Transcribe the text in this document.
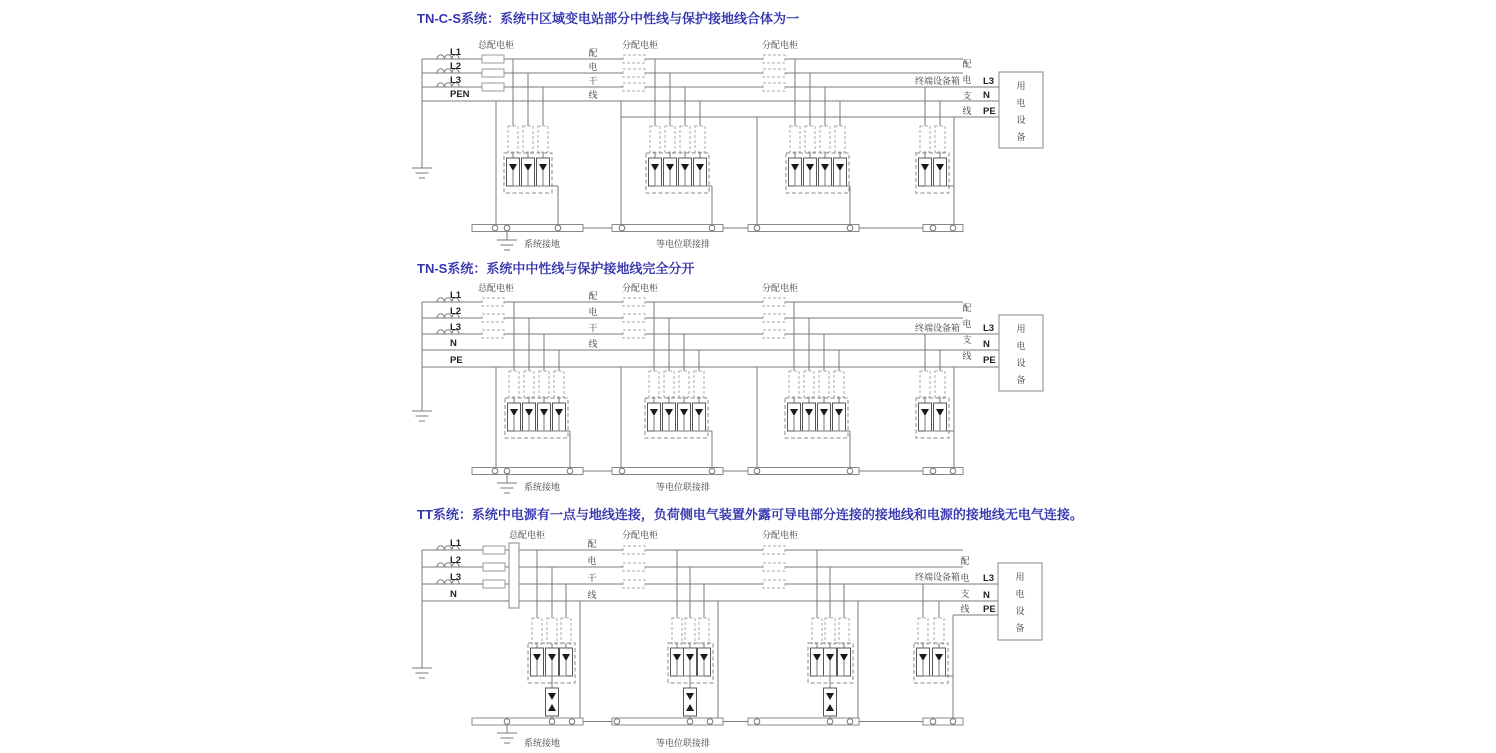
TN-C-S系统：系统中区域变电站部分中性线与保护接地线合体为一
L1
L2
L3
PEN
总配电柜
配
电
干
线
分配电柜	分配电柜
终端设备箱
配
电
支
线
L3
N
PE
用
电
设
备
系统接地	等电位联接排
TN-S系统：系统中中性线与保护接地线完全分开
L1
L2
L3
N
PE
总配电柜
配
电
干
线
分配电柜	分配电柜
终端设备箱
配
电
支
线
L3
N
PE
用
电
设
备
系统接地	等电位联接排
TT系统：系统中电源有一点与地线连接，负荷侧电气装置外露可导电部分连接的接地线和电源的接地线无电气连接。
L1
L2
L3
N
总配电柜
配
电
干
线
分配电柜	分配电柜
终端设备箱
配
电
支
线
L3
N
PE
用
电
设
备
系统接地	等电位联接排
